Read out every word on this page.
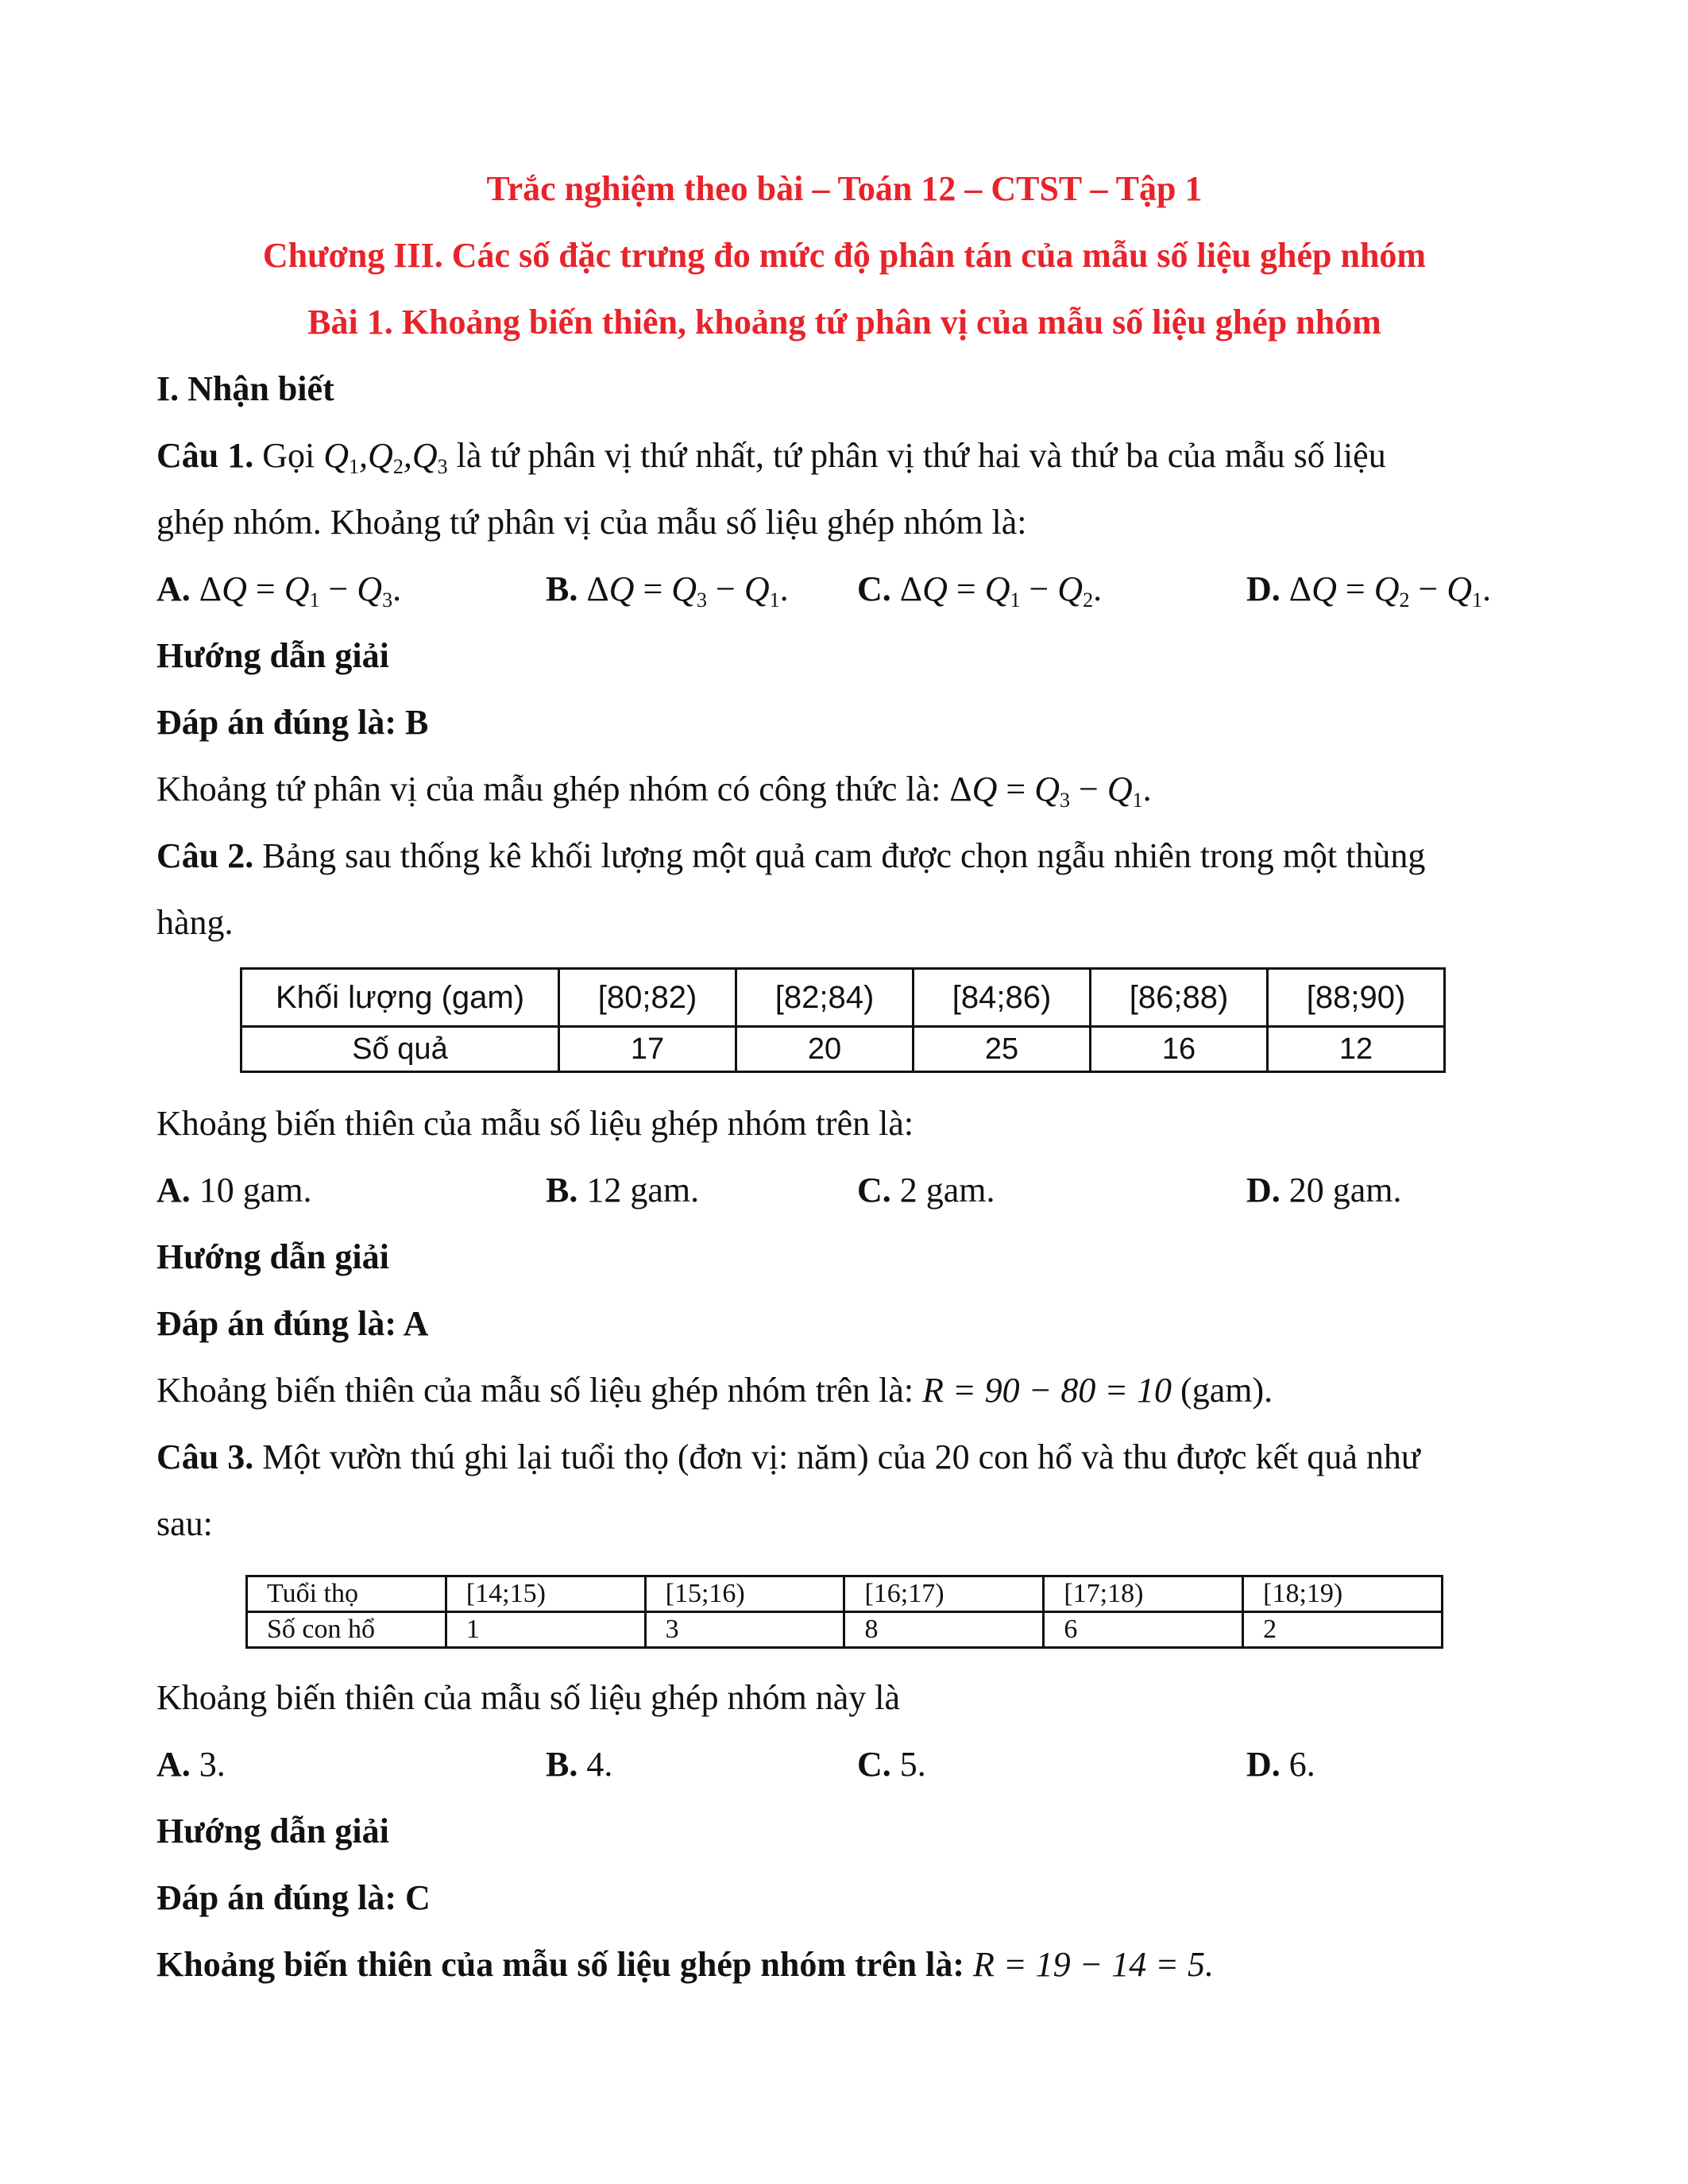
Trắc nghiệm theo bài – Toán 12 – CTST – Tập 1

Chương III. Các số đặc trưng đo mức độ phân tán của mẫu số liệu ghép nhóm

Bài 1. Khoảng biến thiên, khoảng tứ phân vị của mẫu số liệu ghép nhóm

I. Nhận biết

Câu 1. Gọi $Q_1,Q_2,Q_3$ là tứ phân vị thứ nhất, tứ phân vị thứ hai và thứ ba của mẫu số liệu

ghép nhóm. Khoảng tứ phân vị của mẫu số liệu ghép nhóm là:

A. $\Delta Q = Q_1 - Q_3$.	B. $\Delta Q = Q_3 - Q_1$. C. $\Delta Q = Q_1 - Q_2$.	D. $\Delta Q = Q_2 - Q_1$.

Hướng dẫn giải

Đáp án đúng là: B

Khoảng tứ phân vị của mẫu ghép nhóm có công thức là: $\Delta Q = Q_3 - Q_1$.

Câu 2. Bảng sau thống kê khối lượng một quả cam được chọn ngẫu nhiên trong một thùng

hàng.

Khối lượng (gam)	[80;82)	[82;84)	[84;86)	[86;88)	[88;90)
Số quả	17	20	25	16	12

Khoảng biến thiên của mẫu số liệu ghép nhóm trên là:

A. 10 gam.	B. 12 gam.	C. 2 gam.	D. 20 gam.

Hướng dẫn giải

Đáp án đúng là: A

Khoảng biến thiên của mẫu số liệu ghép nhóm trên là: R = 90 − 80 = 10 (gam).

Câu 3. Một vườn thú ghi lại tuổi thọ (đơn vị: năm) của 20 con hổ và thu được kết quả như

sau:

Tuổi thọ	[14;15)	[15;16)	[16;17)	[17;18)	[18;19)
Số con hổ	1	3	8	6	2

Khoảng biến thiên của mẫu số liệu ghép nhóm này là

A. 3.	B. 4.	C. 5.	D. 6.

Hướng dẫn giải

Đáp án đúng là: C

Khoảng biến thiên của mẫu số liệu ghép nhóm trên là: R = 19 − 14 = 5.
